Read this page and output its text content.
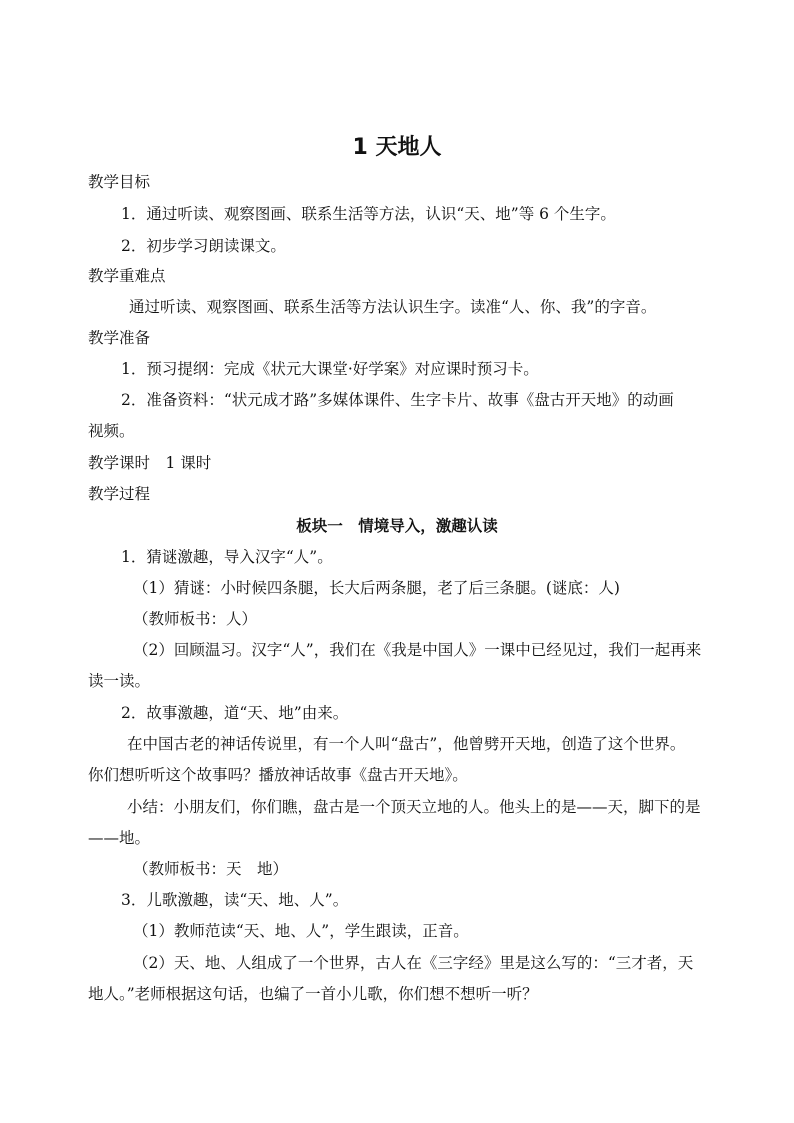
1 天地人
教学目标
1．通过听读、观察图画、联系生活等方法，认识“天、地”等 6 个生字。
2．初步学习朗读课文。
教学重难点
通过听读、观察图画、联系生活等方法认识生字。读准“人、你、我”的字音。
教学准备
1．预习提纲：完成《状元大课堂·好学案》对应课时预习卡。
2．准备资料：“状元成才路”多媒体课件、生字卡片、故事《盘古开天地》的动画
视频。
教学课时　1 课时
教学过程
板块一　情境导入，激趣认读
1．猜谜激趣，导入汉字“人”。
（1）猜谜：小时候四条腿，长大后两条腿，老了后三条腿。(谜底：人)
（教师板书：人）
（2）回顾温习。汉字“人”，我们在《我是中国人》一课中已经见过，我们一起再来
读一读。
2．故事激趣，道“天、地”由来。
在中国古老的神话传说里，有一个人叫“盘古”，他曾劈开天地，创造了这个世界。
你们想听听这个故事吗？播放神话故事《盘古开天地》。
小结：小朋友们，你们瞧，盘古是一个顶天立地的人。他头上的是——天，脚下的是
——地。
（教师板书：天　地）
3．儿歌激趣，读“天、地、人”。
（1）教师范读“天、地、人”，学生跟读，正音。
（2）天、地、人组成了一个世界，古人在《三字经》里是这么写的：“三才者，天
地人。”老师根据这句话，也编了一首小儿歌，你们想不想听一听？
